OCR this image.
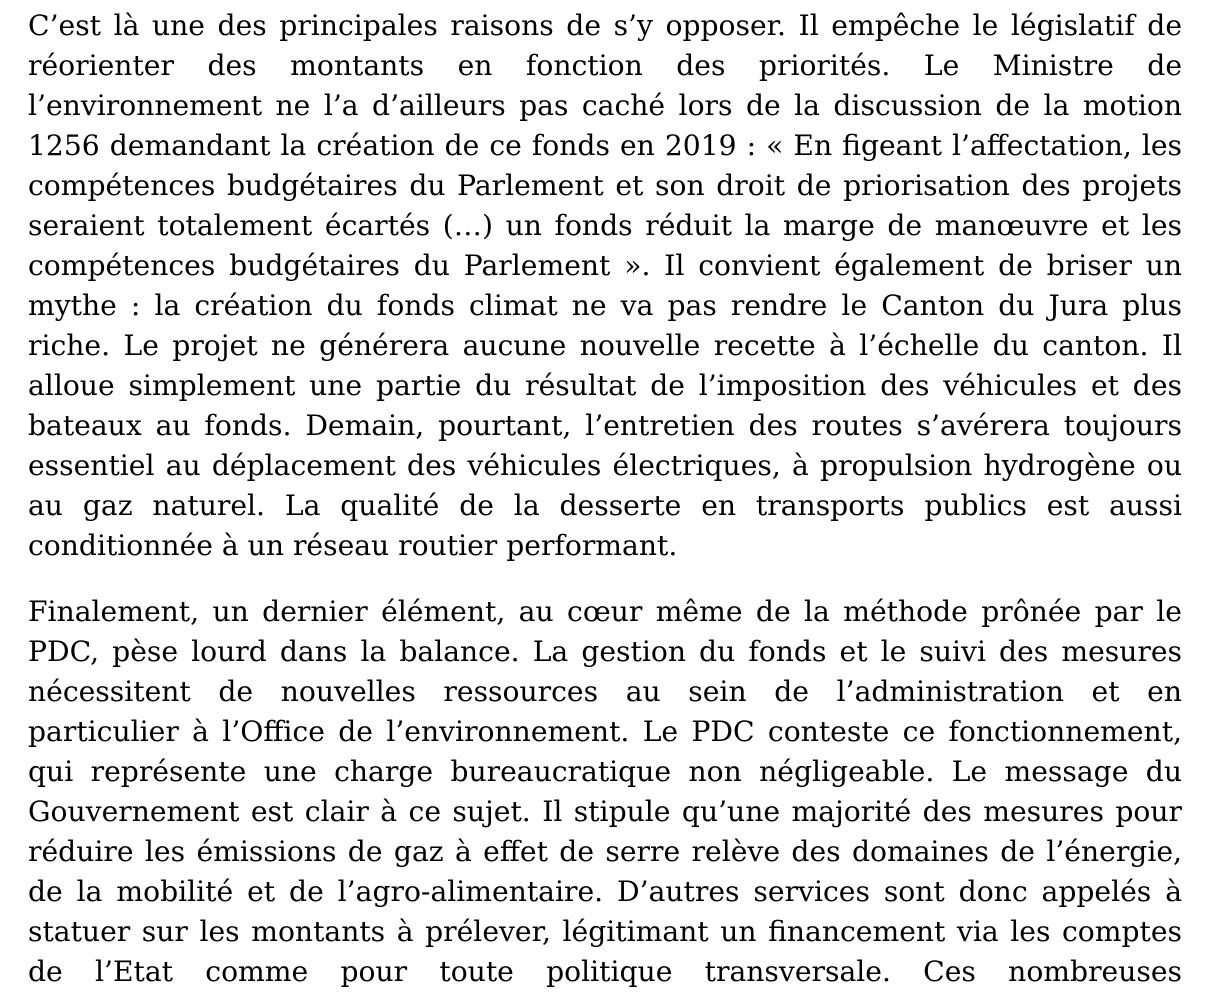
C’est là une des principales raisons de s’y opposer. Il empêche le législatif de
réorienter des montants en fonction des priorités. Le Ministre de
l’environnement ne l’a d’ailleurs pas caché lors de la discussion de la motion
1256 demandant la création de ce fonds en 2019 : « En figeant l’affectation, les
compétences budgétaires du Parlement et son droit de priorisation des projets
seraient totalement écartés (…) un fonds réduit la marge de manœuvre et les
compétences budgétaires du Parlement ». Il convient également de briser un
mythe : la création du fonds climat ne va pas rendre le Canton du Jura plus
riche. Le projet ne générera aucune nouvelle recette à l’échelle du canton. Il
alloue simplement une partie du résultat de l’imposition des véhicules et des
bateaux au fonds. Demain, pourtant, l’entretien des routes s’avérera toujours
essentiel au déplacement des véhicules électriques, à propulsion hydrogène ou
au gaz naturel. La qualité de la desserte en transports publics est aussi
conditionnée à un réseau routier performant.
Finalement, un dernier élément, au cœur même de la méthode prônée par le
PDC, pèse lourd dans la balance. La gestion du fonds et le suivi des mesures
nécessitent de nouvelles ressources au sein de l’administration et en
particulier à l’Office de l’environnement. Le PDC conteste ce fonctionnement,
qui représente une charge bureaucratique non négligeable. Le message du
Gouvernement est clair à ce sujet. Il stipule qu’une majorité des mesures pour
réduire les émissions de gaz à effet de serre relève des domaines de l’énergie,
de la mobilité et de l’agro-alimentaire. D’autres services sont donc appelés à
statuer sur les montants à prélever, légitimant un financement via les comptes
de l’Etat comme pour toute politique transversale. Ces nombreuses
